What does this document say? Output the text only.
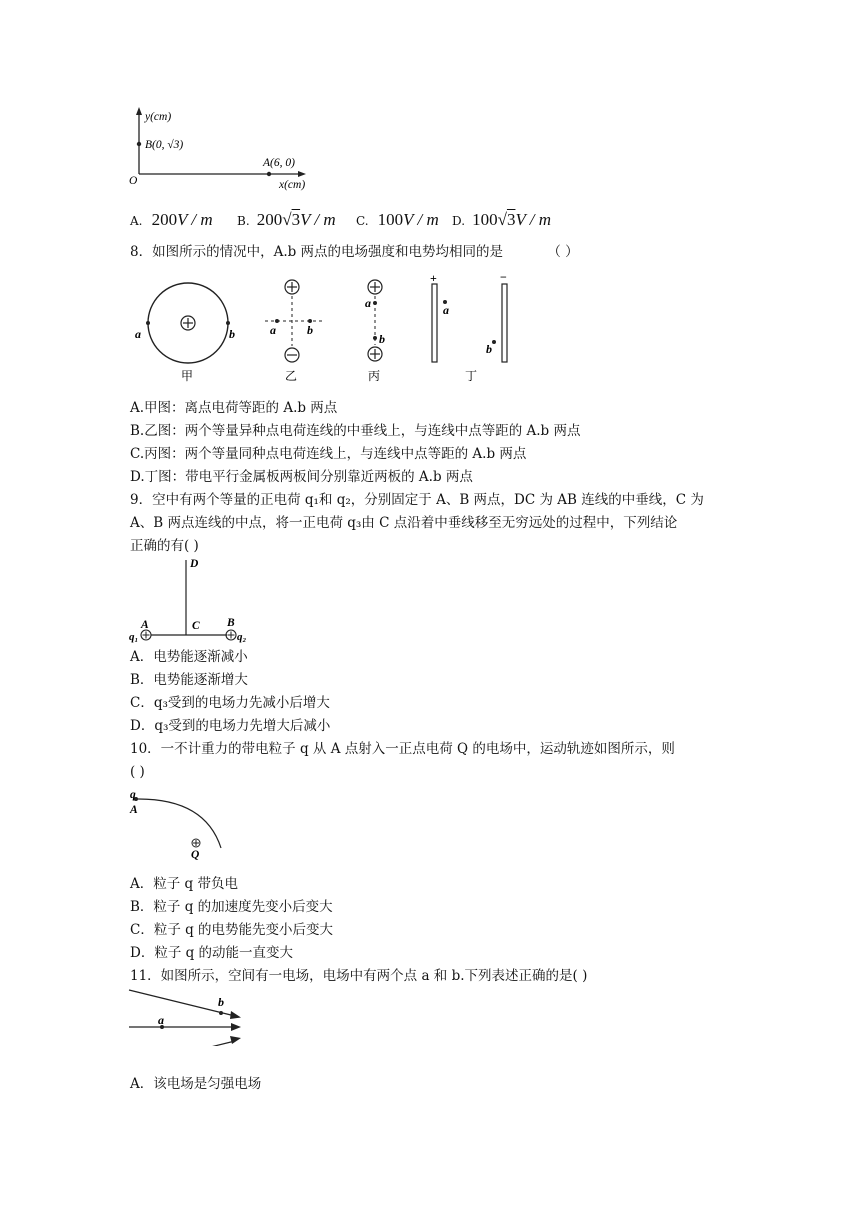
y(cm)
B(0, √3)
A(6, 0)
O	x(cm)
A. 200V / m B. 200√3V / m C. 100V / m D. 100√3V / m
8．如图所示的情况中，A.b 两点的电场强度和电势均相同的是	（ ）
a	b
甲
a	b
乙
a
b
丙
+	−
a
b
丁
A.甲图：离点电荷等距的 A.b 两点
B.乙图：两个等量异种点电荷连线的中垂线上，与连线中点等距的 A.b 两点
C.丙图：两个等量同种点电荷连线上，与连线中点等距的 A.b 两点
D.丁图：带电平行金属板两板间分别靠近两板的 A.b 两点
9．空中有两个等量的正电荷 q₁和 q₂，分别固定于 A、B 两点，DC 为 AB 连线的中垂线，C 为
A、B 两点连线的中点，将一正电荷 q₃由 C 点沿着中垂线移至无穷远处的过程中，下列结论
正确的有( )
D
C
A	B
q₁	q₂
A．电势能逐渐减小
B．电势能逐渐增大
C．q₃受到的电场力先减小后增大
D．q₃受到的电场力先增大后减小
10．一不计重力的带电粒子 q 从 A 点射入一正点电荷 Q 的电场中，运动轨迹如图所示，则
( )
q
A
Q
A．粒子 q 带负电
B．粒子 q 的加速度先变小后变大
C．粒子 q 的电势能先变小后变大
D．粒子 q 的动能一直变大
11．如图所示，空间有一电场，电场中有两个点 a 和 b.下列表述正确的是( )
a
b
A．该电场是匀强电场
